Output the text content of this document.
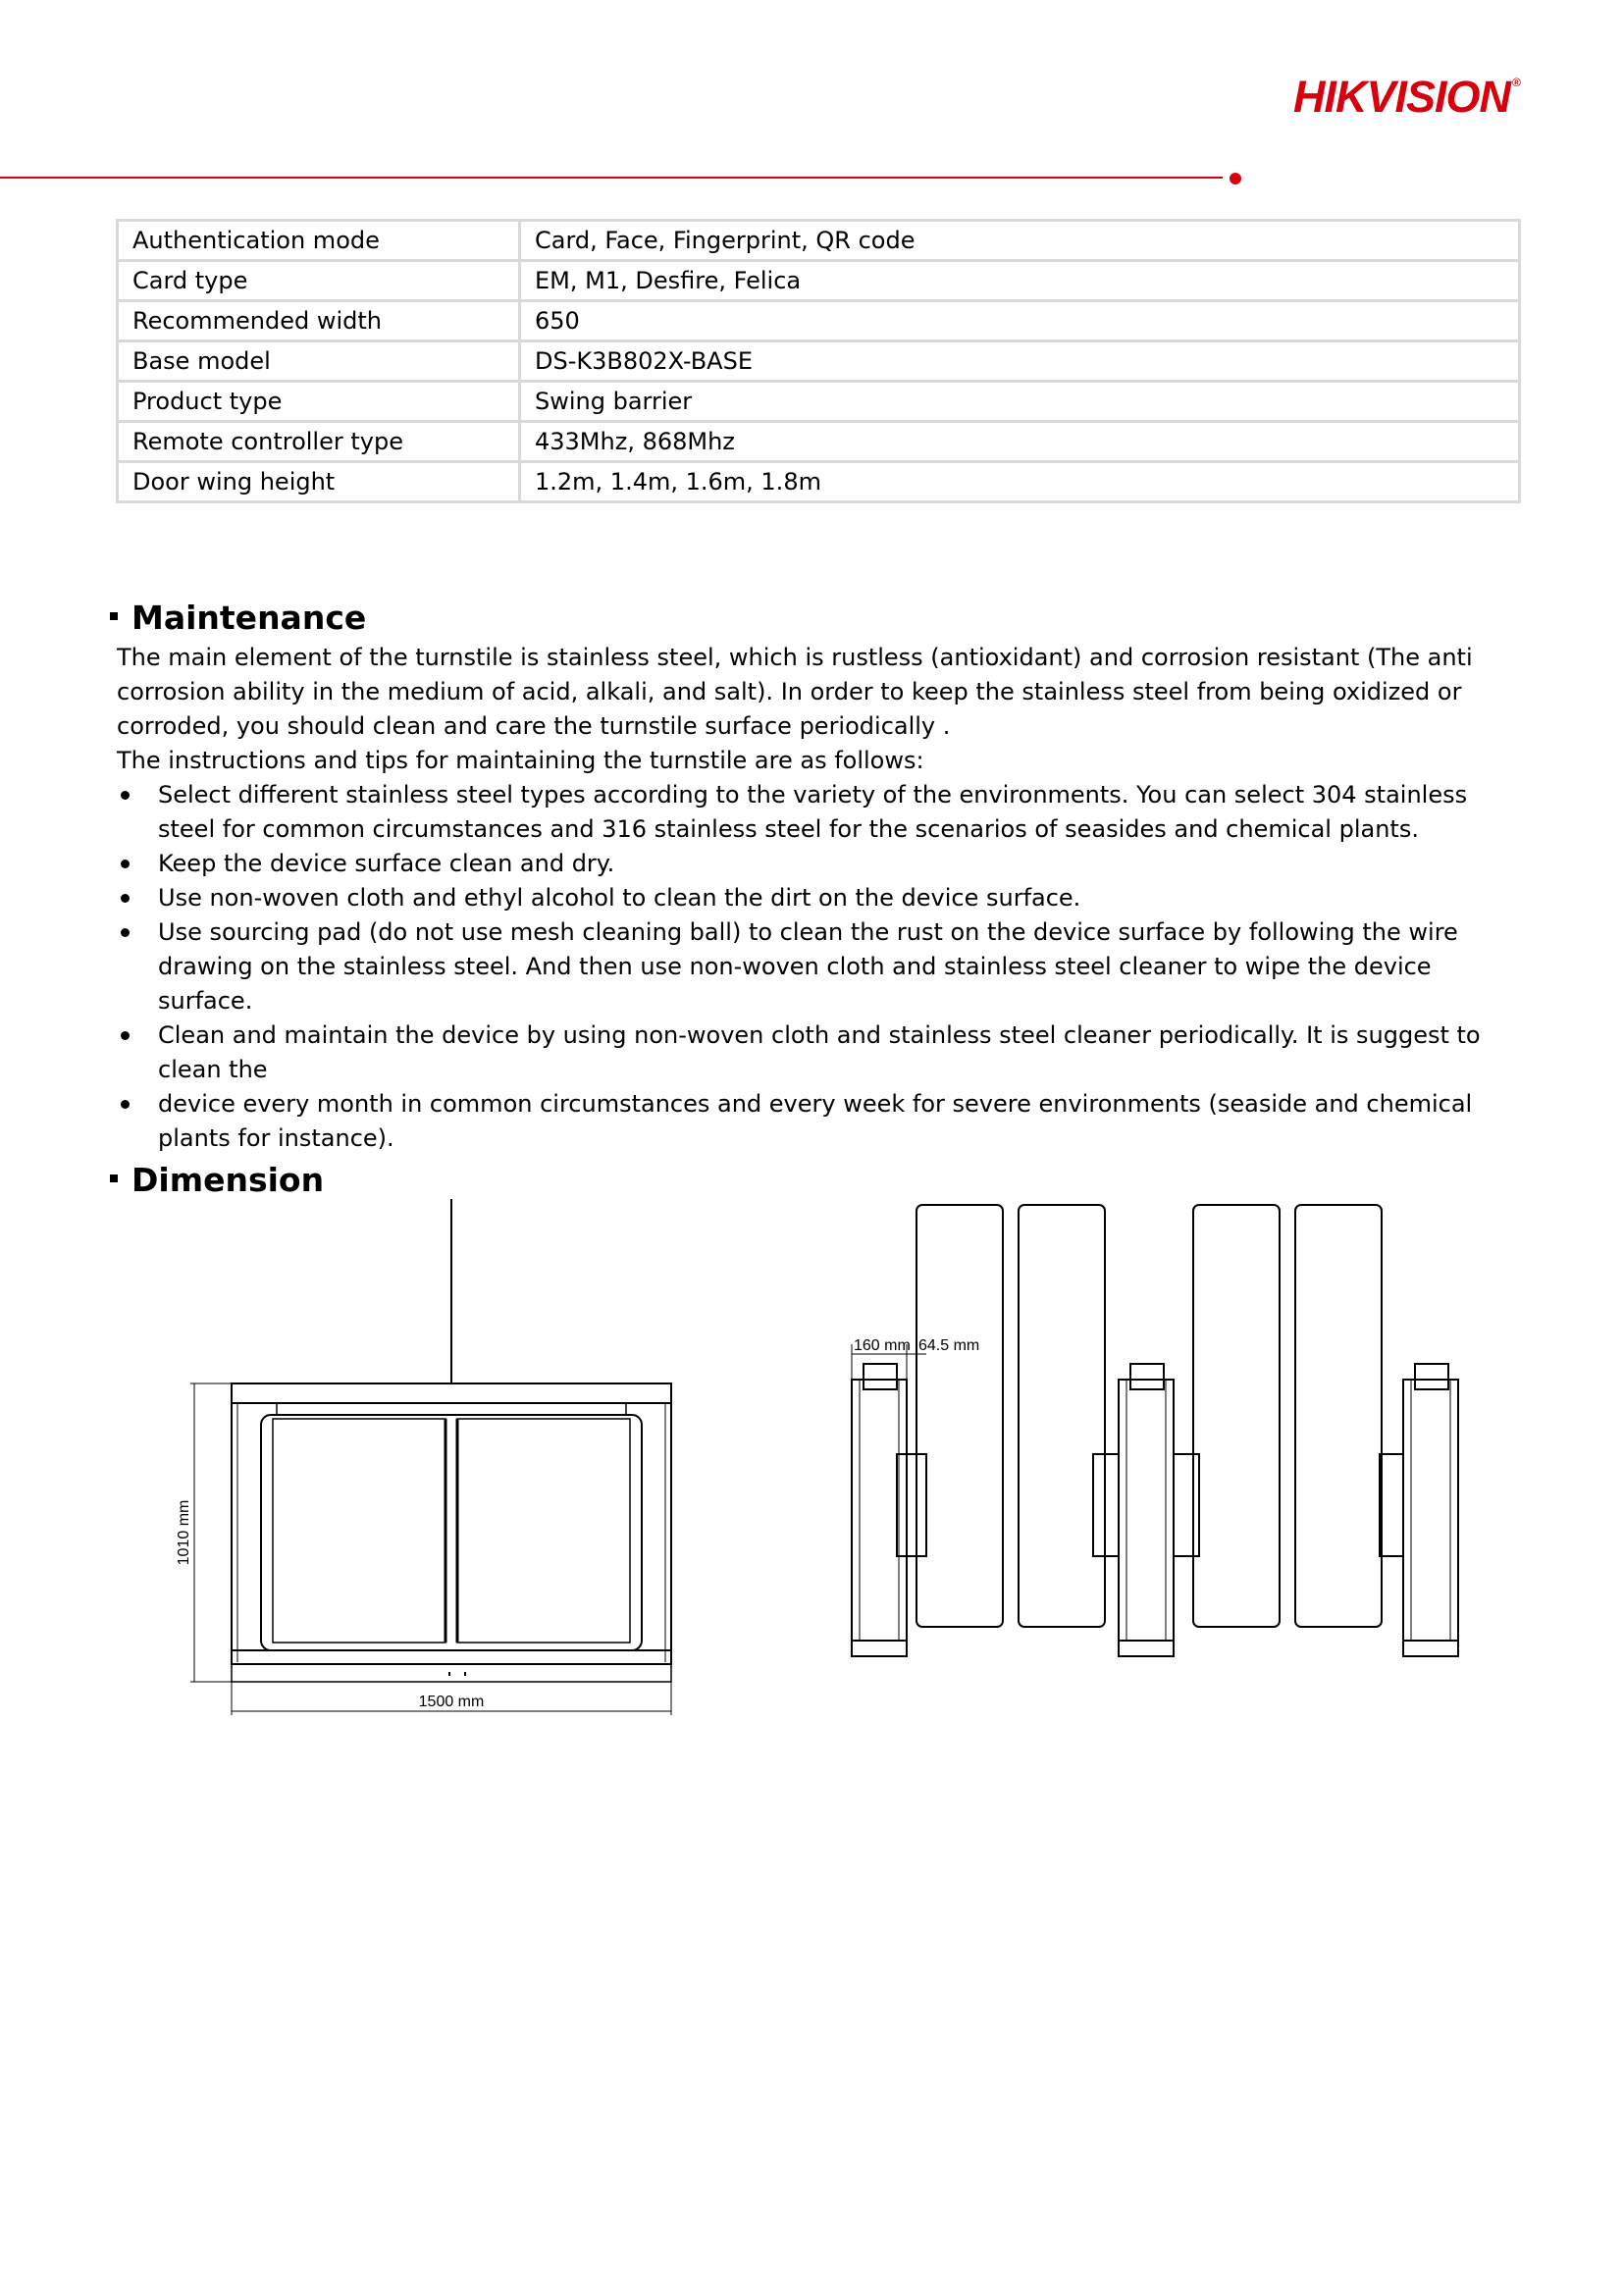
HIKVISION ®
Authentication mode	Card, Face, Fingerprint, QR code
Card type	EM, M1, Desfire, Felica
Recommended width	650
Base model	DS-K3B802X-BASE
Product type	Swing barrier
Remote controller type	433Mhz, 868Mhz
Door wing height	1.2m, 1.4m, 1.6m, 1.8m
Maintenance

The main element of the turnstile is stainless steel, which is rustless (antioxidant) and corrosion resistant (The anti corrosion ability in the medium of acid, alkali, and salt). In order to keep the stainless steel from being oxidized or corroded, you should clean and care the turnstile surface periodically .

The instructions and tips for maintaining the turnstile are as follows:

Select different stainless steel types according to the variety of the environments. You can select 304 stainless steel for common circumstances and 316 stainless steel for the scenarios of seasides and chemical plants.
Keep the device surface clean and dry.
Use non-woven cloth and ethyl alcohol to clean the dirt on the device surface.
Use sourcing pad (do not use mesh cleaning ball) to clean the rust on the device surface by following the wire drawing on the stainless steel. And then use non-woven cloth and stainless steel cleaner to wipe the device surface.
Clean and maintain the device by using non-woven cloth and stainless steel cleaner periodically. It is suggest to clean the
device every month in common circumstances and every week for severe environments (seaside and chemical plants for instance).
Dimension
1500 mm
1010 mm
160 mm 64.5 mm
